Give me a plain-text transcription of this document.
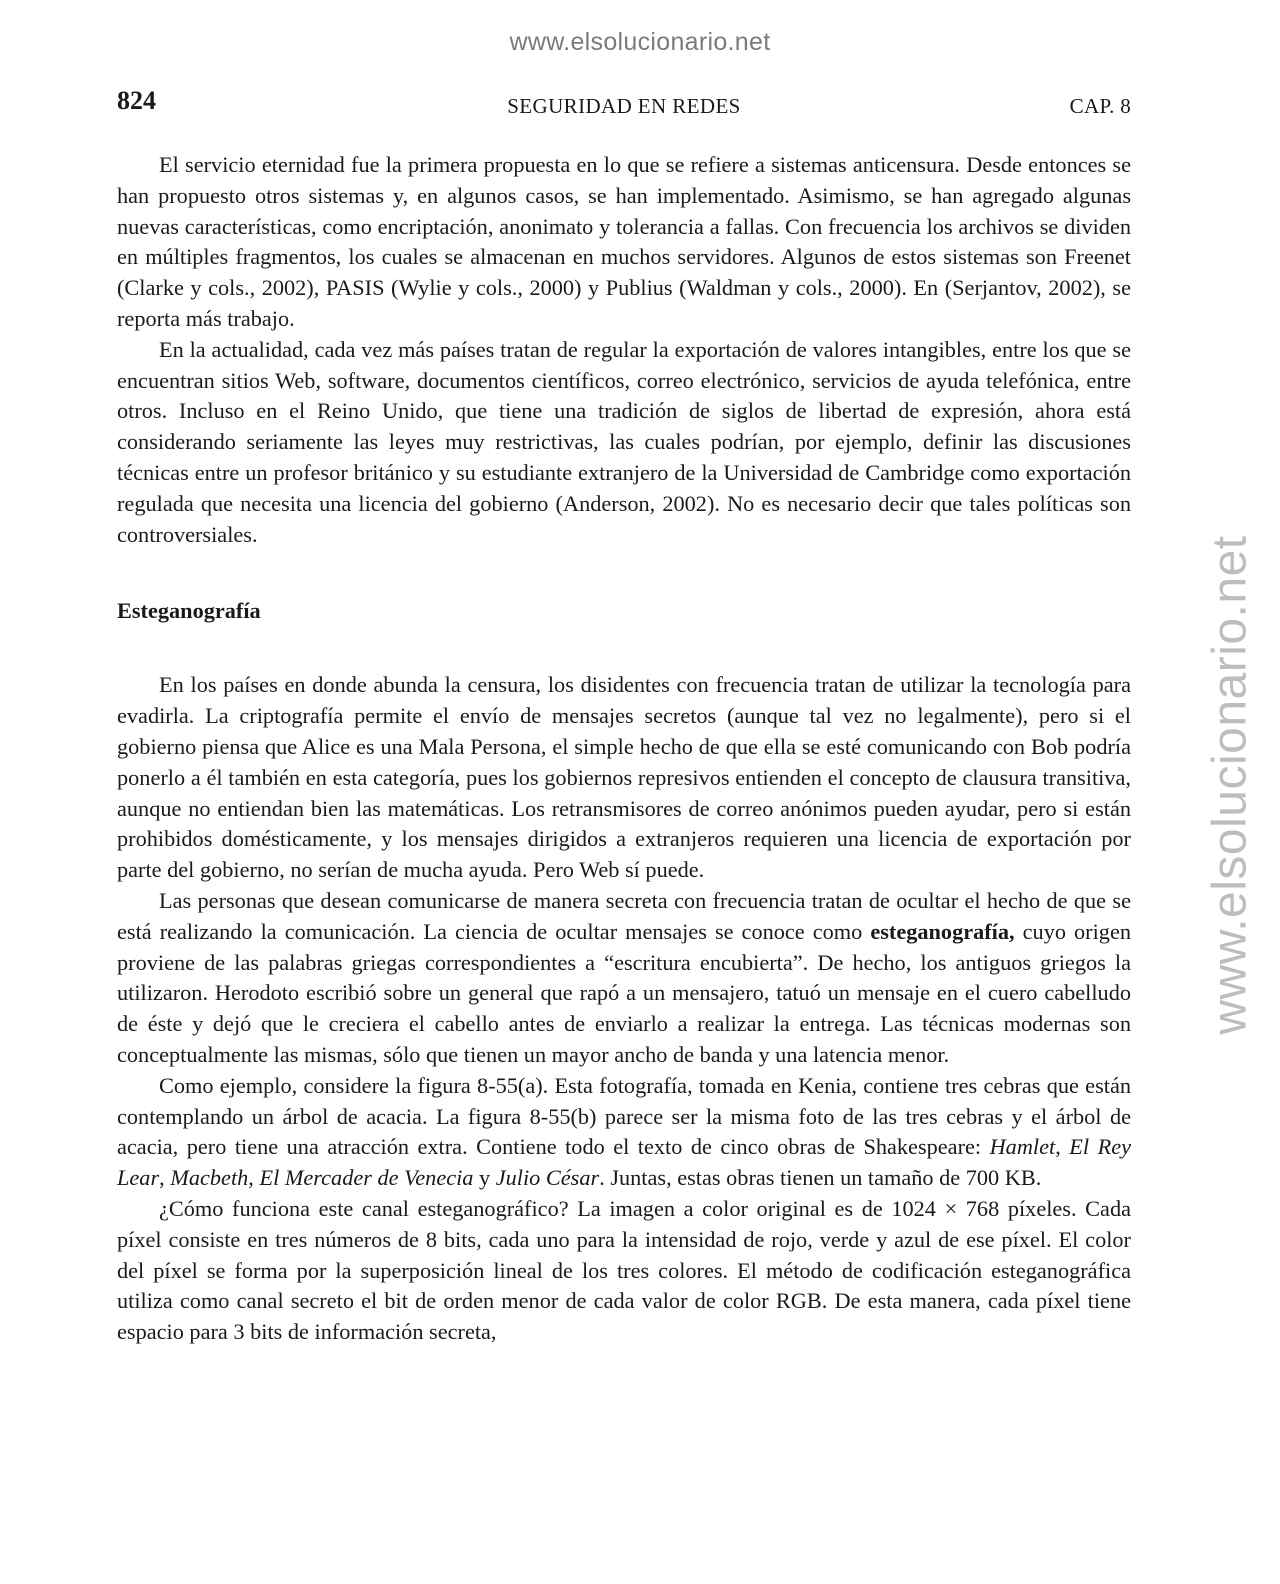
www.elsolucionario.net
www.elsolucionario.net
824	SEGURIDAD EN REDES	CAP. 8

El servicio eternidad fue la primera propuesta en lo que se refiere a sistemas anticensura. Desde entonces se han propuesto otros sistemas y, en algunos casos, se han implementado. Asimismo, se han agregado algunas nuevas características, como encriptación, anonimato y tolerancia a fallas. Con frecuencia los archivos se dividen en múltiples fragmentos, los cuales se almacenan en muchos servidores. Algunos de estos sistemas son Freenet (Clarke y cols., 2002), PASIS (Wylie y cols., 2000) y Publius (Waldman y cols., 2000). En (Serjantov, 2002), se reporta más trabajo.

En la actualidad, cada vez más países tratan de regular la exportación de valores intangibles, entre los que se encuentran sitios Web, software, documentos científicos, correo electrónico, servicios de ayuda telefónica, entre otros. Incluso en el Reino Unido, que tiene una tradición de siglos de libertad de expresión, ahora está considerando seriamente las leyes muy restrictivas, las cuales podrían, por ejemplo, definir las discusiones técnicas entre un profesor británico y su estudiante extranjero de la Universidad de Cambridge como exportación regulada que necesita una licencia del gobierno (Anderson, 2002). No es necesario decir que tales políticas son controversiales.

Esteganografía

En los países en donde abunda la censura, los disidentes con frecuencia tratan de utilizar la tecnología para evadirla. La criptografía permite el envío de mensajes secretos (aunque tal vez no legalmente), pero si el gobierno piensa que Alice es una Mala Persona, el simple hecho de que ella se esté comunicando con Bob podría ponerlo a él también en esta categoría, pues los gobiernos represivos entienden el concepto de clausura transitiva, aunque no entiendan bien las matemáticas. Los retransmisores de correo anónimos pueden ayudar, pero si están prohibidos domésticamente, y los mensajes dirigidos a extranjeros requieren una licencia de exportación por parte del gobierno, no serían de mucha ayuda. Pero Web sí puede.

Las personas que desean comunicarse de manera secreta con frecuencia tratan de ocultar el hecho de que se está realizando la comunicación. La ciencia de ocultar mensajes se conoce como esteganografía, cuyo origen proviene de las palabras griegas correspondientes a “escritura encubierta”. De hecho, los antiguos griegos la utilizaron. Herodoto escribió sobre un general que rapó a un mensajero, tatuó un mensaje en el cuero cabelludo de éste y dejó que le creciera el cabello antes de enviarlo a realizar la entrega. Las técnicas modernas son conceptualmente las mismas, sólo que tienen un mayor ancho de banda y una latencia menor.

Como ejemplo, considere la figura 8-55(a). Esta fotografía, tomada en Kenia, contiene tres cebras que están contemplando un árbol de acacia. La figura 8-55(b) parece ser la misma foto de las tres cebras y el árbol de acacia, pero tiene una atracción extra. Contiene todo el texto de cinco obras de Shakespeare: Hamlet, El Rey Lear, Macbeth, El Mercader de Venecia y Julio César. Juntas, estas obras tienen un tamaño de 700 KB.

¿Cómo funciona este canal esteganográfico? La imagen a color original es de 1024 × 768 píxeles. Cada píxel consiste en tres números de 8 bits, cada uno para la intensidad de rojo, verde y azul de ese píxel. El color del píxel se forma por la superposición lineal de los tres colores. El método de codificación esteganográfica utiliza como canal secreto el bit de orden menor de cada valor de color RGB. De esta manera, cada píxel tiene espacio para 3 bits de información secreta,
